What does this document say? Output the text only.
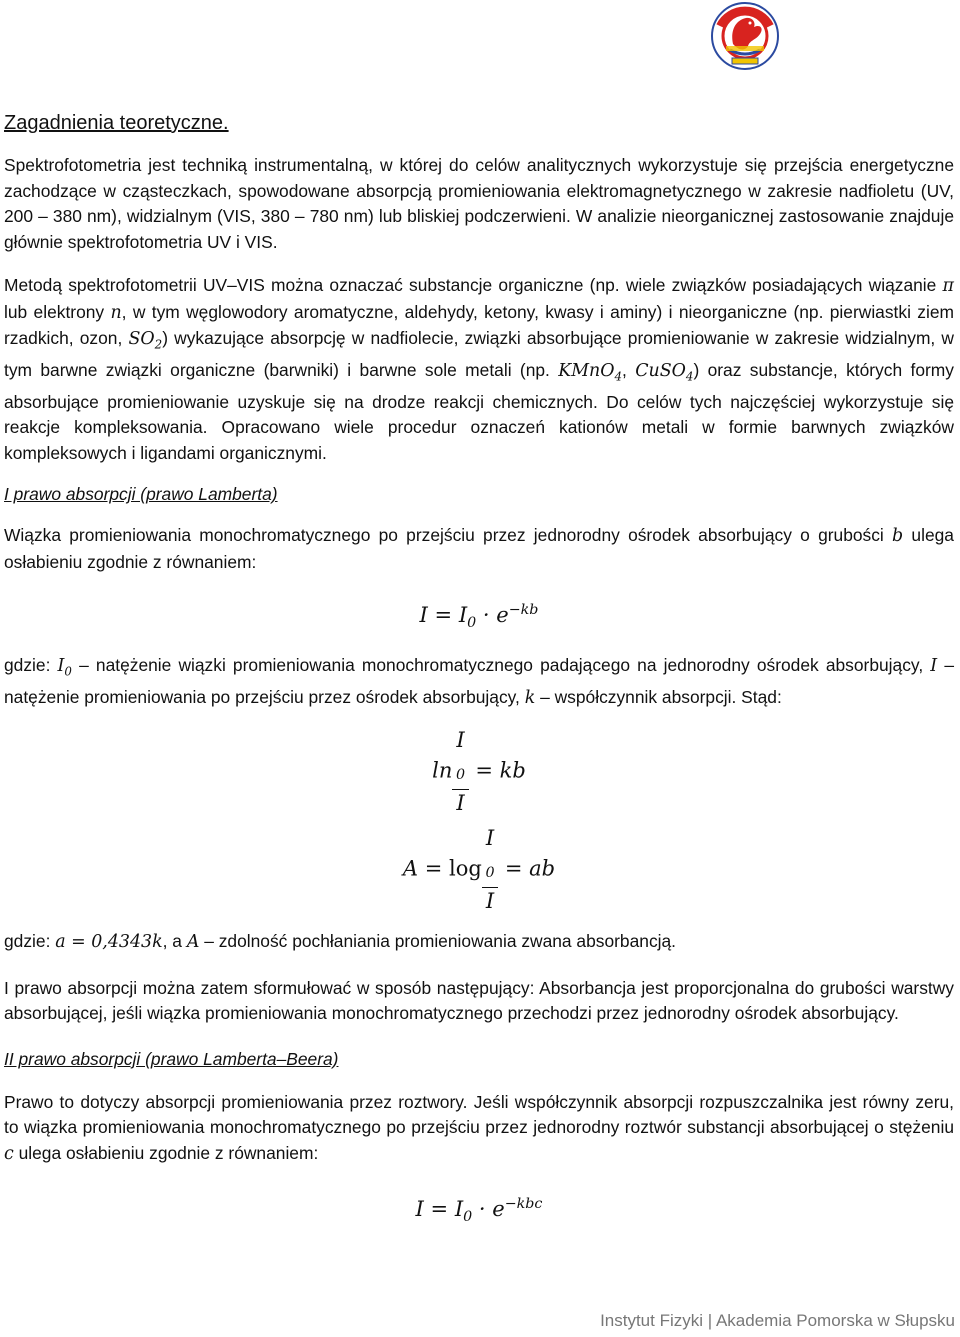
Zagadnienia teoretyczne.

Spektrofotometria jest techniką instrumentalną, w której do celów analitycznych wykorzystuje się przejścia energetyczne zachodzące w cząsteczkach, spowodowane absorpcją promieniowania elektromagnetycznego w zakresie nadfioletu (UV, 200 – 380 nm), widzialnym (VIS, 380 – 780 nm) lub bliskiej podczerwieni. W analizie nieorganicznej zastosowanie znajduje głównie spektrofotometria UV i VIS.

Metodą spektrofotometrii UV–VIS można oznaczać substancje organiczne (np. wiele związków posiadających wiązanie π lub elektrony n, w tym węglowodory aromatyczne, aldehydy, ketony, kwasy i aminy) i nieorganiczne (np. pierwiastki ziem rzadkich, ozon, $SO_2$) wykazujące absorpcję w nadfiolecie, związki absorbujące promieniowanie w zakresie widzialnym, w tym barwne związki organiczne (barwniki) i barwne sole metali (np. KMnO$_4$, CuSO$_4$) oraz substancje, których formy absorbujące promieniowanie uzyskuje się na drodze reakcji chemicznych. Do celów tych najczęściej wykorzystuje się reakcje kompleksowania. Opracowano wiele procedur oznaczeń kationów metali w formie barwnych związków kompleksowych i ligandami organicznymi.

I prawo absorpcji (prawo Lamberta)

Wiązka promieniowania monochromatycznego po przejściu przez jednorodny ośrodek absorbujący o grubości b ulega osłabieniu zgodnie z równaniem:

$I = I_0 \cdot e^{-kb}$

gdzie: $I_0$ – natężenie wiązki promieniowania monochromatycznego padającego na jednorodny ośrodek absorbujący, I – natężenie promieniowania po przejściu przez ośrodek absorbujący, k – współczynnik absorpcji. Stąd:

ln I
$_0$
I = kb
A = log I
$_0$
I = ab

gdzie: a = 0,4343k, a A – zdolność pochłaniania promieniowania zwana absorbancją.

I prawo absorpcji można zatem sformułować w sposób następujący: Absorbancja jest proporcjonalna do grubości warstwy absorbującej, jeśli wiązka promieniowania monochromatycznego przechodzi przez jednorodny ośrodek absorbujący.

II prawo absorpcji (prawo Lamberta–Beera)

Prawo to dotyczy absorpcji promieniowania przez roztwory. Jeśli współczynnik absorpcji rozpuszczalnika jest równy zeru, to wiązka promieniowania monochromatycznego po przejściu przez jednorodny roztwór substancji absorbującej o stężeniu c ulega osłabieniu zgodnie z równaniem:

$I = I_0 \cdot e^{-kbc}$
Instytut Fizyki | Akademia Pomorska w Słupsku
